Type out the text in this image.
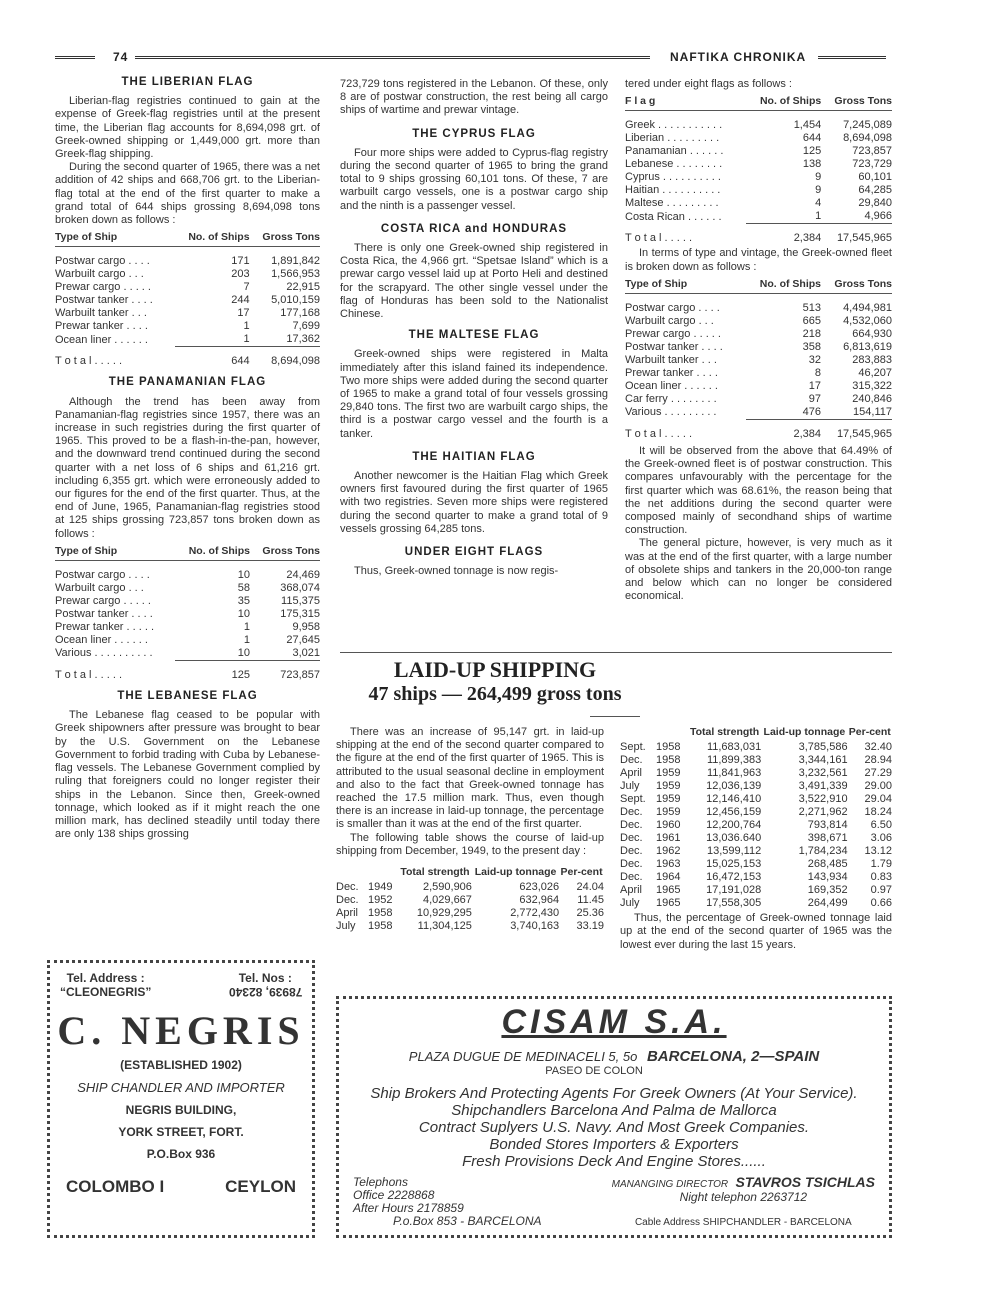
74	NAFTIKA CHRONIKA
THE LIBERIAN FLAG

Liberian-flag registries continued to gain at the expense of Greek-flag registries until at the present time, the Liberian flag accounts for 8,694,098 grt. of Greek-owned shipping or 1,449,000 grt. more than Greek-flag shipping.

During the second quarter of 1965, there was a net addition of 42 ships and 668,706 grt. to the Liberian-flag total at the end of the first quarter to make a grand total of 644 ships grossing 8,694,098 tons broken down as follows :

Type of Ship	No. of Ships	Gross Tons

Postwar cargo . . . .	171	1,891,842
Warbuilt cargo . . .	203	1,566,953
Prewar cargo . . . . .	7	22,915
Postwar tanker . . . .	244	5,010,159
Warbuilt tanker . . .	17	177,168
Prewar tanker . . . .	1	7,699
Ocean liner . . . . . .	1	17,362
T o t a l . . . . .	644	8,694,098
THE PANAMANIAN FLAG

Although the trend has been away from Panamanian-flag registries since 1957, there was an increase in such registries during the first quarter of 1965. This proved to be a flash-in-the-pan, however, and the downward trend continued during the second quarter with a net loss of 6 ships and 61,216 grt. including 6,355 grt. which were erroneously added to our figures for the end of the first quarter. Thus, at the end of June, 1965, Panamanian-flag registries stood at 125 ships grossing 723,857 tons broken down as follows :

Type of Ship	No. of Ships	Gross Tons

Postwar cargo . . . .	10	24,469
Warbuilt cargo . . .	58	368,074
Prewar cargo . . . . .	35	115,375
Postwar tanker . . . .	10	175,315
Prewar tanker . . . . .	1	9,958
Ocean liner . . . . . .	1	27,645
Various . . . . . . . . . .	10	3,021
T o t a l . . . . .	125	723,857
THE LEBANESE FLAG

The Lebanese flag ceased to be popular with Greek shipowners after pressure was brought to bear by the U.S. Government on the Lebanese Government to forbid trading with Cuba by Lebanese-flag vessels. The Lebanese Government complied by ruling that foreigners could no longer register their ships in the Lebanon. Since then, Greek-owned tonnage, which looked as if it might reach the one million mark, has declined steadily until today there are only 138 ships grossing

723,729 tons registered in the Lebanon. Of these, only 8 are of postwar construction, the rest being all cargo ships of wartime and prewar vintage.

THE CYPRUS FLAG

Four more ships were added to Cyprus-flag registry during the second quarter of 1965 to bring the grand total to 9 ships grossing 60,101 tons. Of these, 7 are warbuilt cargo vessels, one is a postwar cargo ship and the ninth is a passenger vessel.

COSTA RICA and HONDURAS

There is only one Greek-owned ship registered in Costa Rica, the 4,966 grt. “Spetsae Island” which is a prewar cargo vessel laid up at Porto Heli and destined for the scrapyard. The other single vessel under the flag of Honduras has been sold to the Nationalist Chinese.

THE MALTESE FLAG

Greek-owned ships were registered in Malta immediately after this island fained its independence. Two more ships were added during the second quarter of 1965 to make a grand total of four vessels grossing 29,840 tons. The first two are warbuilt cargo ships, the third is a postwar cargo vessel and the fourth is a tanker.

THE HAITIAN FLAG

Another newcomer is the Haitian Flag which Greek owners first favoured during the first quarter of 1965 with two registries. Seven more ships were registered during the second quarter to make a grand total of 9 vessels grossing 64,285 tons.

UNDER EIGHT FLAGS

Thus, Greek-owned tonnage is now regis-

tered under eight flags as follows :

F l a g	No. of Ships	Gross Tons

Greek . . . . . . . . . . .	1,454	7,245,089
Liberian . . . . . . . . .	644	8,694,098
Panamanian . . . . . .	125	723,857
Lebanese . . . . . . . .	138	723,729
Cyprus . . . . . . . . . .	9	60,101
Haitian . . . . . . . . . .	9	64,285
Maltese . . . . . . . . .	4	29,840
Costa Rican . . . . . .	1	4,966
T o t a l . . . . .	2,384	17,545,965

In terms of type and vintage, the Greek-owned fleet is broken down as follows :

Type of Ship	No. of Ships	Gross Tons

Postwar cargo . . . .	513	4,494,981
Warbuilt cargo . . .	665	4,532,060
Prewar cargo . . . . .	218	664,930
Postwar tanker . . . .	358	6,813,619
Warbuilt tanker . . .	32	283,883
Prewar tanker . . . .	8	46,207
Ocean liner . . . . . .	17	315,322
Car ferry . . . . . . . .	97	240,846
Various . . . . . . . . .	476	154,117
T o t a l . . . . .	2,384	17,545,965

It will be observed from the above that 64.49% of the Greek-owned fleet is of postwar construction. This compares unfavourably with the percentage for the first quarter which was 68.61%, the reason being that the net additions during the second quarter were composed mainly of secondhand ships of wartime construction.

The general picture, however, is very much as it was at the end of the first quarter, with a large number of obsolete ships and tankers in the 20,000-ton range and below which can no longer be considered economical.

LAID-UP SHIPPING
47 ships — 264,499 gross tons

There was an increase of 95,147 grt. in laid-up shipping at the end of the second quarter compared to the figure at the end of the first quarter of 1965. This is attributed to the usual seasonal decline in employment and also to the fact that Greek-owned tonnage has reached the 17.5 million mark. Thus, even though there is an increase in laid-up tonnage, the percentage is smaller than it was at the end of the first quarter.

The following table shows the course of laid-up shipping from December, 1949, to the present day :

		Total strength	Laid-up tonnage	Per-cent
Dec.	1949	2,590,906	623,026	24.04
Dec.	1952	4,029,667	632,964	11.45
April	1958	10,929,295	2,772,430	25.36
July	1958	11,304,125	3,740,163	33.19
		Total strength	Laid-up tonnage	Per-cent
Sept.	1958	11,683,031	3,785,586	32.40
Dec.	1958	11,899,383	3,344,161	28.94
April	1959	11,841,963	3,232,561	27.29
July	1959	12,036,139	3,491,339	29.00
Sept.	1959	12,146,410	3,522,910	29.04
Dec.	1959	12,456,159	2,271,962	18.24
Dec.	1960	12,200,764	793,814	6.50
Dec.	1961	13,036.640	398,671	3.06
Dec.	1962	13,599,112	1,784,234	13.12
Dec.	1963	15,025,153	268,485	1.79
Dec.	1964	16,472,153	143,934	0.83
April	1965	17,191,028	169,352	0.97
July	1965	17,558,305	264,499	0.66

Thus, the percentage of Greek-owned tonnage laid up at the end of the second quarter of 1965 was the lowest ever during the last 15 years.

Tel. Address :
“CLEONEGRIS”
Tel. Nos :
78939, 82340
C. NEGRIS
(ESTABLISHED 1902)
SHIP CHANDLER AND IMPORTER
NEGRIS BUILDING,
YORK STREET, FORT.
P.O.Box 936
COLOMBO I	CEYLON
CISAM S.A.
PLAZA DUGUE DE MEDINACELI 5, 5o BARCELONA, 2—SPAIN
PASEO DE COLON
Ship Brokers And Protecting Agents For Greek Owners (At Your Service).
Shipchandlers Barcelona And Palma de Mallorca
Contract Suplyers U.S. Navy. And Most Greek Companies.
Bonded Stores Importers & Exporters
Fresh Provisions Deck And Engine Stores......
Telephons
Office 2228868
After Hours 2178859
P.o.Box 853 - BARCELONA
MANANGING DIRECTOR STAVROS TSICHLAS
Night telephon 2263712
Cable Address SHIPCHANDLER - BARCELONA
